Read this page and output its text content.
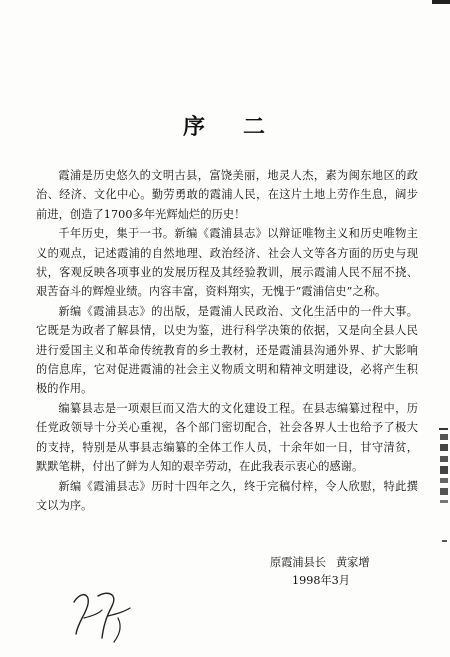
序 二

霞浦是历史悠久的文明古县，富饶美丽，地灵人杰，素为闽东地区的政治、经济、文化中心。勤劳勇敢的霞浦人民，在这片土地上劳作生息，阔步前进，创造了1700多年光辉灿烂的历史！

千年历史，集于一书。新编《霞浦县志》以辩证唯物主义和历史唯物主义的观点，记述霞浦的自然地理、政治经济、社会人文等各方面的历史与现状，客观反映各项事业的发展历程及其经验教训，展示霞浦人民不屈不挠、艰苦奋斗的辉煌业绩。内容丰富，资料翔实，无愧于“霞浦信史”之称。

新编《霞浦县志》的出版，是霞浦人民政治、文化生活中的一件大事。它既是为政者了解县情，以史为鉴，进行科学决策的依据，又是向全县人民进行爱国主义和革命传统教育的乡土教材，还是霞浦县沟通外界、扩大影响的信息库，它对促进霞浦的社会主义物质文明和精神文明建设，必将产生积极的作用。

编纂县志是一项艰巨而又浩大的文化建设工程。在县志编纂过程中，历任党政领导十分关心重视，各个部门密切配合，社会各界人士也给予了极大的支持，特别是从事县志编纂的全体工作人员，十余年如一日，甘守清贫，默默笔耕，付出了鲜为人知的艰辛劳动，在此我表示衷心的感谢。

新编《霞浦县志》历时十四年之久，终于完稿付梓，令人欣慰，特此撰文以为序。

原霞浦县长 黄家增
1998年3月
